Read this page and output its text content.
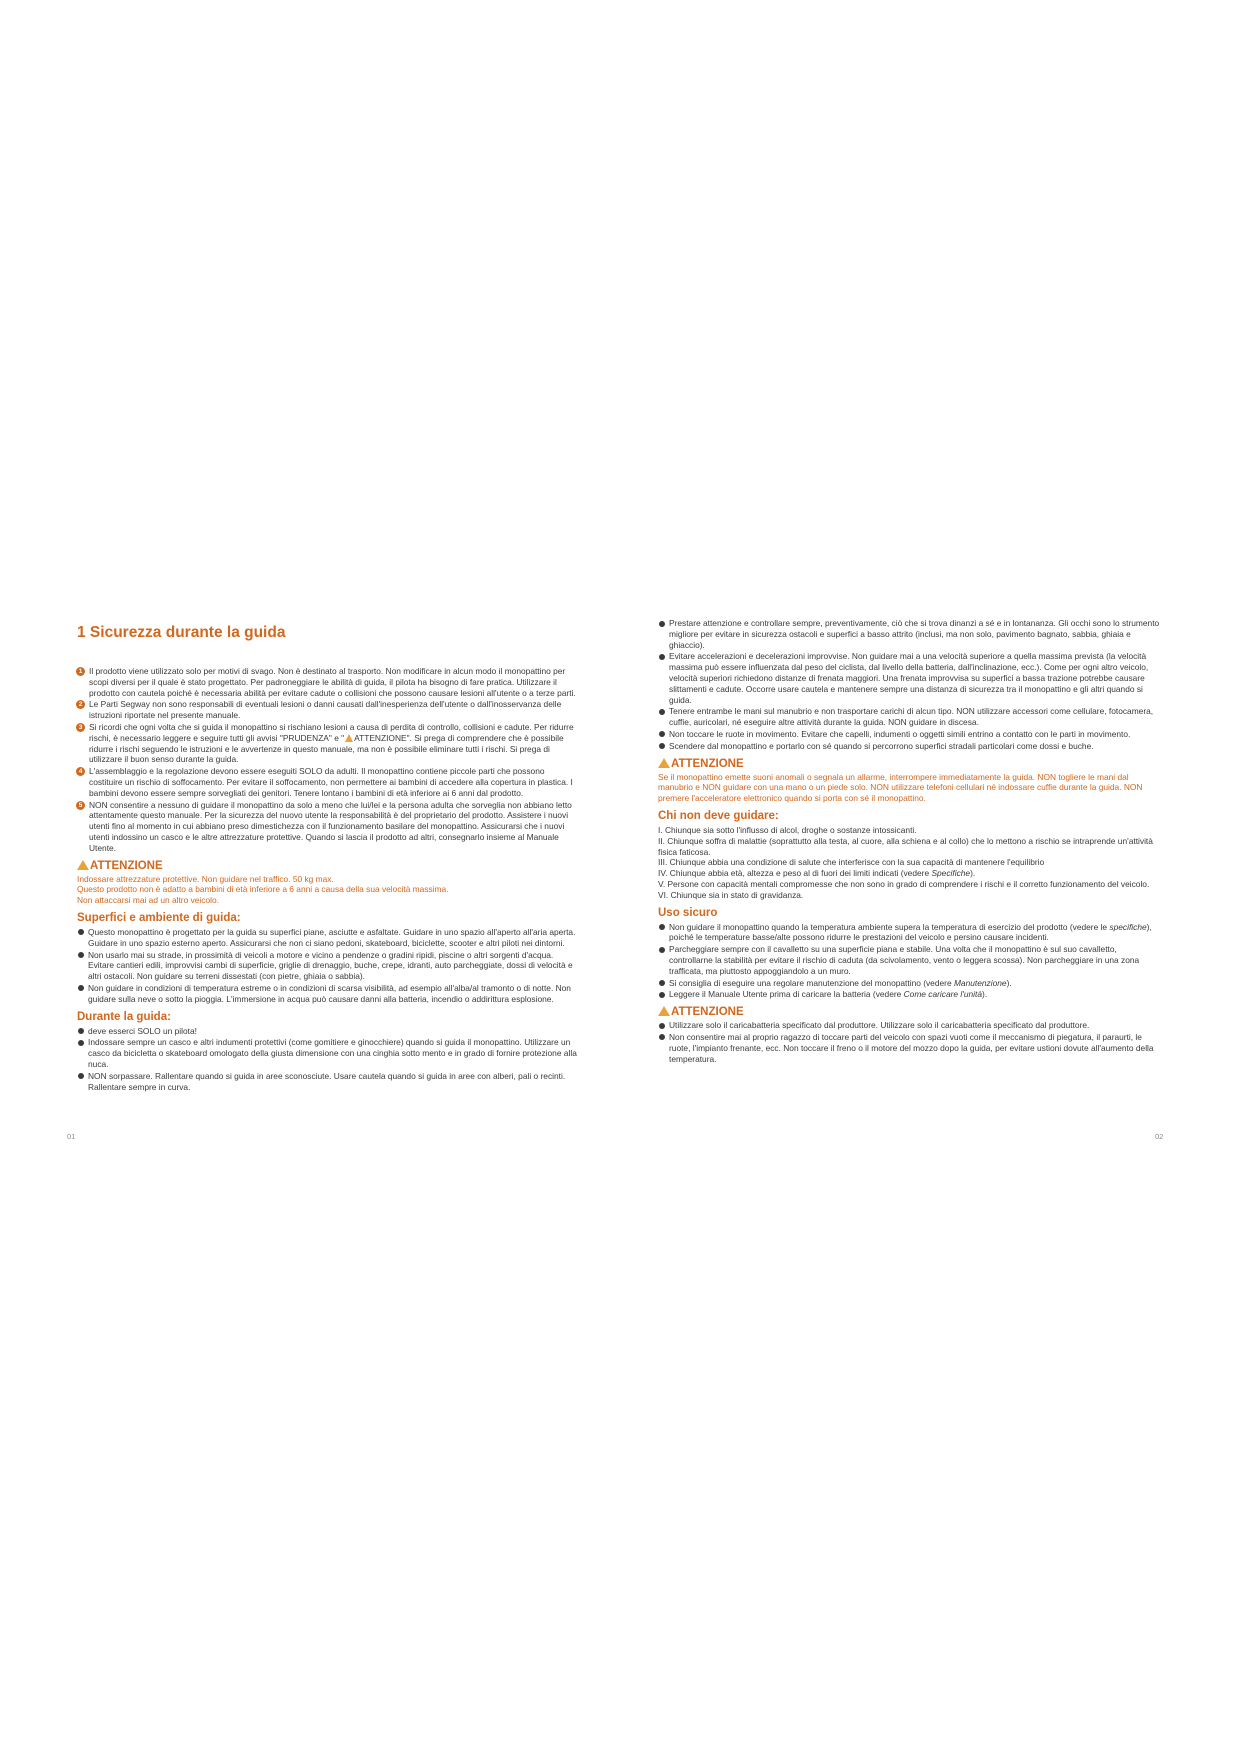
1 Sicurezza durante la guida
1 Il prodotto viene utilizzato solo per motivi di svago. Non è destinato al trasporto. Non modificare in alcun modo il monopattino per scopi diversi per il quale è stato progettato. Per padroneggiare le abilità di guida, il pilota ha bisogno di fare pratica. Utilizzare il prodotto con cautela poiché è necessaria abilità per evitare cadute o collisioni che possono causare lesioni all'utente o a terze parti.
2 Le Parti Segway non sono responsabili di eventuali lesioni o danni causati dall'inesperienza dell'utente o dall'inosservanza delle istruzioni riportate nel presente manuale.
3 Si ricordi che ogni volta che si guida il monopattino si rischiano lesioni a causa di perdita di controllo, collisioni e cadute. Per ridurre rischi, è necessario leggere e seguire tutti gli avvisi "PRUDENZA" e " ATTENZIONE". Si prega di comprendere che è possibile ridurre i rischi seguendo le istruzioni e le avvertenze in questo manuale, ma non è possibile eliminare tutti i rischi. Si prega di utilizzare il buon senso durante la guida.
4 L'assemblaggio e la regolazione devono essere eseguiti SOLO da adulti. Il monopattino contiene piccole parti che possono costituire un rischio di soffocamento. Per evitare il soffocamento, non permettere ai bambini di accedere alla copertura in plastica. I bambini devono essere sempre sorvegliati dei genitori. Tenere lontano i bambini di età inferiore ai 6 anni dal prodotto.
5 NON consentire a nessuno di guidare il monopattino da solo a meno che lui/lei e la persona adulta che sorveglia non abbiano letto attentamente questo manuale. Per la sicurezza del nuovo utente la responsabilità è del proprietario del prodotto. Assistere i nuovi utenti fino al momento in cui abbiano preso dimestichezza con il funzionamento basilare del monopattino. Assicurarsi che i nuovi utenti indossino un casco e le altre attrezzature protettive. Quando si lascia il prodotto ad altri, consegnarlo insieme al Manuale Utente.
ATTENZIONE

Indossare attrezzature protettive. Non guidare nel traffico. 50 kg max.

Questo prodotto non è adatto a bambini di età inferiore a 6 anni a causa della sua velocità massima.

Non attaccarsi mai ad un altro veicolo.

Superfici e ambiente di guida:
Questo monopattino è progettato per la guida su superfici piane, asciutte e asfaltate. Guidare in uno spazio all'aperto all'aria aperta. Guidare in uno spazio esterno aperto. Assicurarsi che non ci siano pedoni, skateboard, biciclette, scooter e altri piloti nei dintorni.
Non usarlo mai su strade, in prossimità di veicoli a motore e vicino a pendenze o gradini ripidi, piscine o altri sorgenti d'acqua. Evitare cantieri edili, improvvisi cambi di superficie, griglie di drenaggio, buche, crepe, idranti, auto parcheggiate, dossi di velocità e altri ostacoli. Non guidare su terreni dissestati (con pietre, ghiaia o sabbia).
Non guidare in condizioni di temperatura estreme o in condizioni di scarsa visibilità, ad esempio all'alba/al tramonto o di notte. Non guidare sulla neve o sotto la pioggia. L'immersione in acqua può causare danni alla batteria, incendio o addirittura esplosione.
Durante la guida:
deve esserci SOLO un pilota!
Indossare sempre un casco e altri indumenti protettivi (come gomitiere e ginocchiere) quando si guida il monopattino. Utilizzare un casco da bicicletta o skateboard omologato della giusta dimensione con una cinghia sotto mento e in grado di fornire protezione alla nuca.
NON sorpassare. Rallentare quando si guida in aree sconosciute. Usare cautela quando si guida in aree con alberi, pali o recinti. Rallentare sempre in curva.
Prestare attenzione e controllare sempre, preventivamente, ciò che si trova dinanzi a sé e in lontananza. Gli occhi sono lo strumento migliore per evitare in sicurezza ostacoli e superfici a basso attrito (inclusi, ma non solo, pavimento bagnato, sabbia, ghiaia e ghiaccio).
Evitare accelerazioni e decelerazioni improvvise. Non guidare mai a una velocità superiore a quella massima prevista (la velocità massima può essere influenzata dal peso del ciclista, dal livello della batteria, dall'inclinazione, ecc.). Come per ogni altro veicolo, velocità superiori richiedono distanze di frenata maggiori. Una frenata improvvisa su superfici a bassa trazione potrebbe causare slittamenti e cadute. Occorre usare cautela e mantenere sempre una distanza di sicurezza tra il monopattino e gli altri quando si guida.
Tenere entrambe le mani sul manubrio e non trasportare carichi di alcun tipo. NON utilizzare accessori come cellulare, fotocamera, cuffie, auricolari, né eseguire altre attività durante la guida. NON guidare in discesa.
Non toccare le ruote in movimento. Evitare che capelli, indumenti o oggetti simili entrino a contatto con le parti in movimento.
Scendere dal monopattino e portarlo con sé quando si percorrono superfici stradali particolari come dossi e buche.
ATTENZIONE

Se il monopattino emette suoni anomali o segnala un allarme, interrompere immediatamente la guida. NON togliere le mani dal manubrio e NON guidare con una mano o un piede solo. NON utilizzare telefoni cellulari né indossare cuffie durante la guida. NON premere l'acceleratore elettronico quando si porta con sé il monopattino.

Chi non deve guidare:

I. Chiunque sia sotto l'influsso di alcol, droghe o sostanze intossicanti.

II. Chiunque soffra di malattie (soprattutto alla testa, al cuore, alla schiena e al collo) che lo mettono a rischio se intraprende un'attività fisica faticosa.

III. Chiunque abbia una condizione di salute che interferisce con la sua capacità di mantenere l'equilibrio

IV. Chiunque abbia età, altezza e peso al di fuori dei limiti indicati (vedere Specifiche).

V. Persone con capacità mentali compromesse che non sono in grado di comprendere i rischi e il corretto funzionamento del veicolo.

VI. Chiunque sia in stato di gravidanza.

Uso sicuro
Non guidare il monopattino quando la temperatura ambiente supera la temperatura di esercizio del prodotto (vedere le specifiche), poiché le temperature basse/alte possono ridurre le prestazioni del veicolo e persino causare incidenti.
Parcheggiare sempre con il cavalletto su una superficie piana e stabile. Una volta che il monopattino è sul suo cavalletto, controllarne la stabilità per evitare il rischio di caduta (da scivolamento, vento o leggera scossa). Non parcheggiare in una zona trafficata, ma piuttosto appoggiandolo a un muro.
Si consiglia di eseguire una regolare manutenzione del monopattino (vedere Manutenzione).
Leggere il Manuale Utente prima di caricare la batteria (vedere Come caricare l'unità).
ATTENZIONE
Utilizzare solo il caricabatteria specificato dal produttore. Utilizzare solo il caricabatteria specificato dal produttore.
Non consentire mai al proprio ragazzo di toccare parti del veicolo con spazi vuoti come il meccanismo di piegatura, il paraurti, le ruote, l'impianto frenante, ecc. Non toccare il freno o il motore del mozzo dopo la guida, per evitare ustioni dovute all'aumento della temperatura.
01	02
